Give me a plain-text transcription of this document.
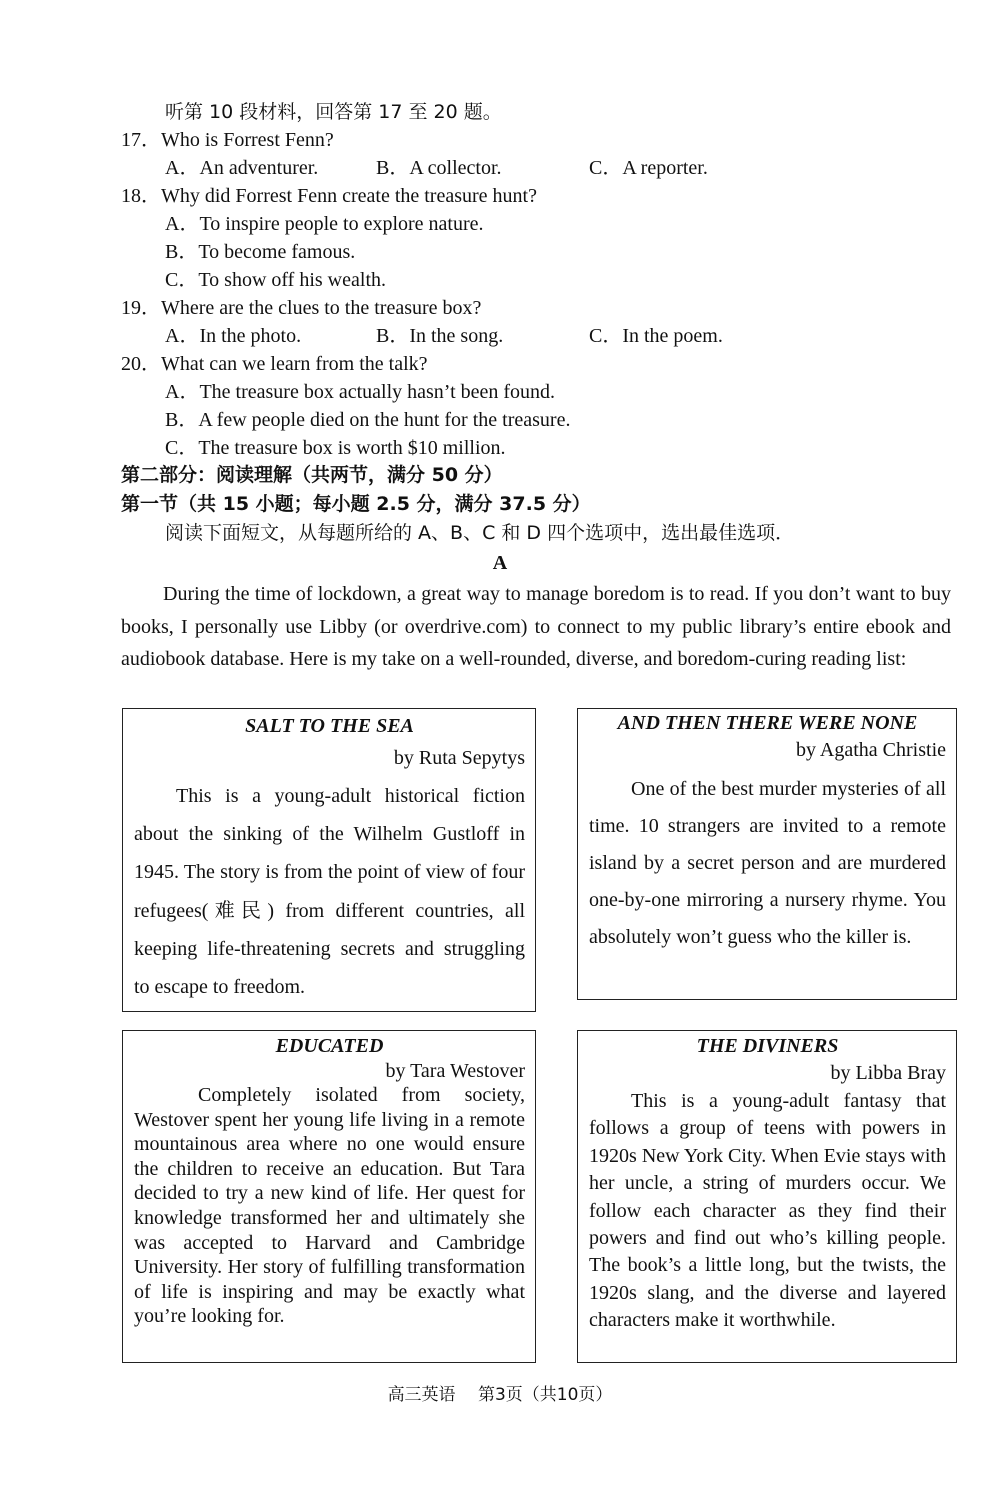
听第 10 段材料，回答第 17 至 20 题。
17．Who is Forrest Fenn?
A．An adventurer.	B．A collector.	C．A reporter.
18．Why did Forrest Fenn create the treasure hunt?
A．To inspire people to explore nature.
B．To become famous.
C．To show off his wealth.
19．Where are the clues to the treasure box?
A．In the photo.	B．In the song.	C．In the poem.
20．What can we learn from the talk?
A．The treasure box actually hasn’t been found.
B．A few people died on the hunt for the treasure.
C．The treasure box is worth $10 million.
第二部分：阅读理解（共两节，满分 50 分）
第一节（共 15 小题；每小题 2.5 分，满分 37.5 分）
阅读下面短文，从每题所给的 A、B、C 和 D 四个选项中，选出最佳选项．
A
During the time of lockdown, a great way to manage boredom is to read. If you don’t want to buy books, I personally use Libby (or overdrive.com) to connect to my public library’s entire ebook and audiobook database. Here is my take on a well-rounded, diverse, and boredom-curing reading list:
SALT TO THE SEA
by Ruta Sepytys
This is a young-adult historical fiction about the sinking of the Wilhelm Gustloff in 1945. The story is from the point of view of four refugees(难民) from different countries, all keeping life-threatening secrets and struggling to escape to freedom.
AND THEN THERE WERE NONE
by Agatha Christie
One of the best murder mysteries of all time. 10 strangers are invited to a remote island by a secret person and are murdered one-by-one mirroring a nursery rhyme. You absolutely won’t guess who the killer is.
EDUCATED
by Tara Westover
Completely isolated from society, Westover spent her young life living in a remote mountainous area where no one would ensure the children to receive an education. But Tara decided to try a new kind of life. Her quest for knowledge transformed her and ultimately she was accepted to Harvard and Cambridge University. Her story of fulfilling transformation of life is inspiring and may be exactly what you’re looking for.
THE DIVINERS
by Libba Bray
This is a young-adult fantasy that follows a group of teens with powers in 1920s New York City. When Evie stays with her uncle, a string of murders occur. We follow each character as they find their powers and find out who’s killing people. The book’s a little long, but the twists, the 1920s slang, and the diverse and layered characters make it worthwhile.
高三英语　 第3页（共10页）
